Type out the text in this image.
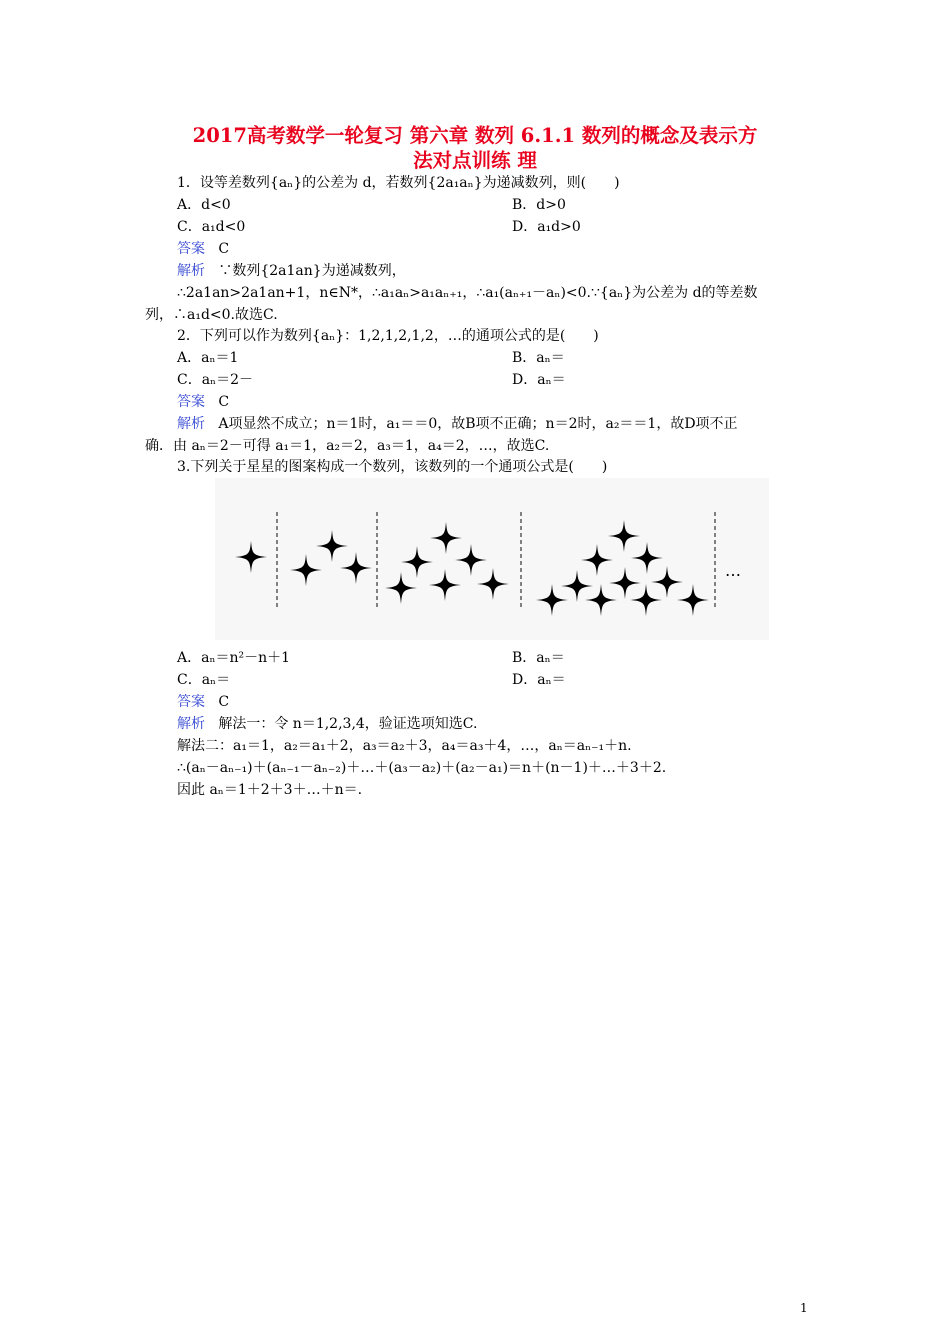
2017高考数学一轮复习 第六章 数列 6.1.1 数列的概念及表示方
法对点训练 理
1．设等差数列{aₙ}的公差为 d，若数列{2a₁aₙ}为递减数列，则(　　)
A．d<0	B．d>0
C．a₁d<0	D．a₁d>0
答案 C
解析 ∵数列{2a1an}为递减数列，
∴2a1an>2a1an+1，n∈N*，∴a₁aₙ>a₁aₙ₊₁，∴a₁(aₙ₊₁－aₙ)<0.∵{aₙ}为公差为 d的等差数
列，∴a₁d<0.故选C.
2．下列可以作为数列{aₙ}：1,2,1,2,1,2，…的通项公式的是(　　)
A．aₙ＝1	B．aₙ＝
C．aₙ＝2－	D．aₙ＝
答案 C
解析 A项显然不成立；n＝1时，a₁＝＝0，故B项不正确；n＝2时，a₂＝＝1，故D项不正
确．由 aₙ＝2－可得 a₁＝1，a₂＝2，a₃＝1，a₄＝2，…，故选C.
3.下列关于星星的图案构成一个数列，该数列的一个通项公式是(　　)
…
A．aₙ＝n²－n＋1	B．aₙ＝
C．aₙ＝	D．aₙ＝
答案 C
解析 解法一：令 n＝1,2,3,4，验证选项知选C.
解法二：a₁＝1，a₂＝a₁＋2，a₃＝a₂＋3，a₄＝a₃＋4，…，aₙ＝aₙ₋₁＋n.
∴(aₙ－aₙ₋₁)＋(aₙ₋₁－aₙ₋₂)＋…＋(a₃－a₂)＋(a₂－a₁)＝n＋(n－1)＋…＋3＋2.
因此 aₙ＝1＋2＋3＋…＋n＝.
1
